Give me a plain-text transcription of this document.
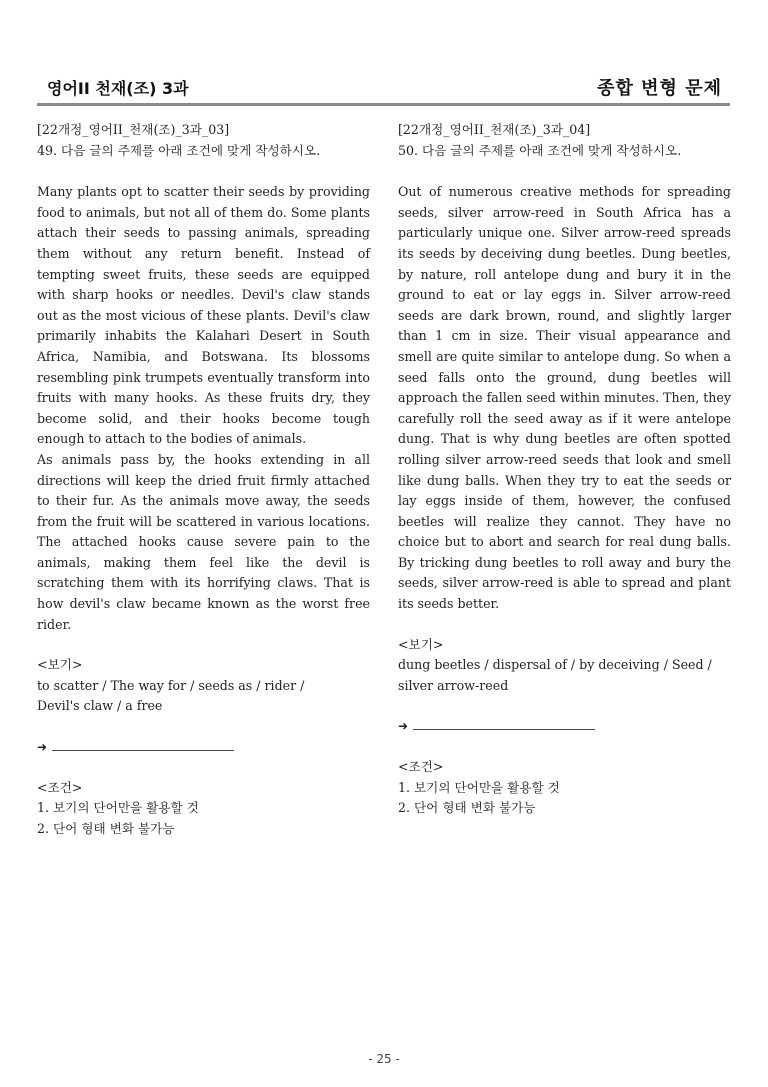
영어II 천재(조) 3과	종합 변형 문제
[22개정_영어II_천재(조)_3과_03]
49. 다음 글의 주제를 아래 조건에 맞게 작성하시오.

Many plants opt to scatter their seeds by providing food to animals, but not all of them do. Some plants attach their seeds to passing animals, spreading them without any return benefit. Instead of tempting sweet fruits, these seeds are equipped with sharp hooks or needles. Devil's claw stands out as the most vicious of these plants. Devil's claw primarily inhabits the Kalahari Desert in South Africa, Namibia, and Botswana. Its blossoms resembling pink trumpets eventually transform into fruits with many hooks. As these fruits dry, they become solid, and their hooks become tough enough to attach to the bodies of animals.

As animals pass by, the hooks extending in all directions will keep the dried fruit firmly attached to their fur. As the animals move away, the seeds from the fruit will be scattered in various locations. The attached hooks cause severe pain to the animals, making them feel like the devil is scratching them with its horrifying claws. That is how devil's claw became known as the worst free rider.

<보기>
to scatter / The way for / seeds as / rider /
Devil's claw / a free
➜
<조건>
1. 보기의 단어만을 활용할 것
2. 단어 형태 변화 불가능
[22개정_영어II_천재(조)_3과_04]
50. 다음 글의 주제를 아래 조건에 맞게 작성하시오.

Out of numerous creative methods for spreading seeds, silver arrow-reed in South Africa has a particularly unique one. Silver arrow-reed spreads its seeds by deceiving dung beetles. Dung beetles, by nature, roll antelope dung and bury it in the ground to eat or lay eggs in. Silver arrow-reed seeds are dark brown, round, and slightly larger than 1 cm in size. Their visual appearance and smell are quite similar to antelope dung. So when a seed falls onto the ground, dung beetles will approach the fallen seed within minutes. Then, they carefully roll the seed away as if it were antelope dung. That is why dung beetles are often spotted rolling silver arrow-reed seeds that look and smell like dung balls. When they try to eat the seeds or lay eggs inside of them, however, the confused beetles will realize they cannot. They have no choice but to abort and search for real dung balls. By tricking dung beetles to roll away and bury the seeds, silver arrow-reed is able to spread and plant its seeds better.

<보기>
dung beetles / dispersal of / by deceiving / Seed /
silver arrow-reed
➜
<조건>
1. 보기의 단어만을 활용할 것
2. 단어 형태 변화 불가능
- 25 -
